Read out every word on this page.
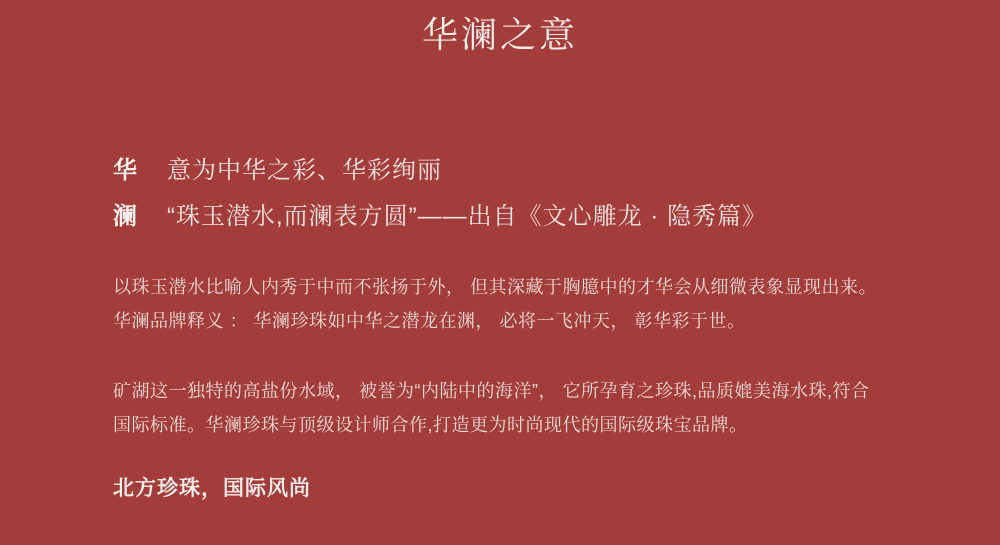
华澜之意
华 意为中华之彩、华彩绚丽
澜 “珠玉潜水,而澜表方圆”——出自《文心雕龙 · 隐秀篇》
以珠玉潜水比喻人内秀于中而不张扬于外， 但其深藏于胸臆中的才华会从细微表象显现出来。
华澜品牌释义 ： 华澜珍珠如中华之潜龙在渊， 必将一飞冲天， 彰华彩于世。
矿湖这一独特的高盐份水域， 被誉为“内陆中的海洋”， 它所孕育之珍珠,品质媲美海水珠,符合
国际标准。华澜珍珠与顶级设计师合作,打造更为时尚现代的国际级珠宝品牌。
北方珍珠，国际风尚
